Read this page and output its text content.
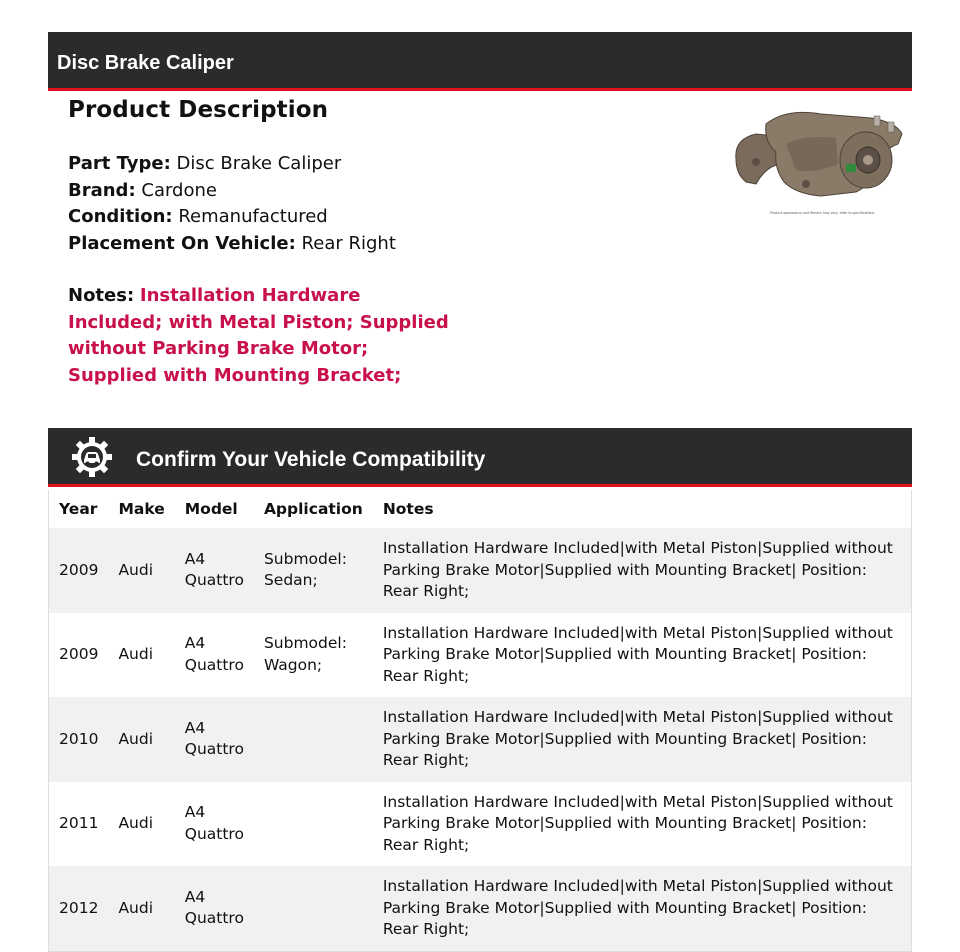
Disc Brake Caliper
Product Description
Part Type: Disc Brake Caliper
Brand: Cardone
Condition: Remanufactured
Placement On Vehicle: Rear Right
Notes: Installation Hardware Included; with Metal Piston; Supplied without Parking Brake Motor; Supplied with Mounting Bracket;
Product appearance and fitment may vary; refer to specifications
Confirm Your Vehicle Compatibility
Year	Make	Model	Application	Notes
2009	Audi	A4 Quattro	Submodel: Sedan;	Installation Hardware Included|with Metal Piston|Supplied without Parking Brake Motor|Supplied with Mounting Bracket| Position: Rear Right;
2009	Audi	A4 Quattro	Submodel: Wagon;	Installation Hardware Included|with Metal Piston|Supplied without Parking Brake Motor|Supplied with Mounting Bracket| Position: Rear Right;
2010	Audi	A4 Quattro		Installation Hardware Included|with Metal Piston|Supplied without Parking Brake Motor|Supplied with Mounting Bracket| Position: Rear Right;
2011	Audi	A4 Quattro		Installation Hardware Included|with Metal Piston|Supplied without Parking Brake Motor|Supplied with Mounting Bracket| Position: Rear Right;
2012	Audi	A4 Quattro		Installation Hardware Included|with Metal Piston|Supplied without Parking Brake Motor|Supplied with Mounting Bracket| Position: Rear Right;
